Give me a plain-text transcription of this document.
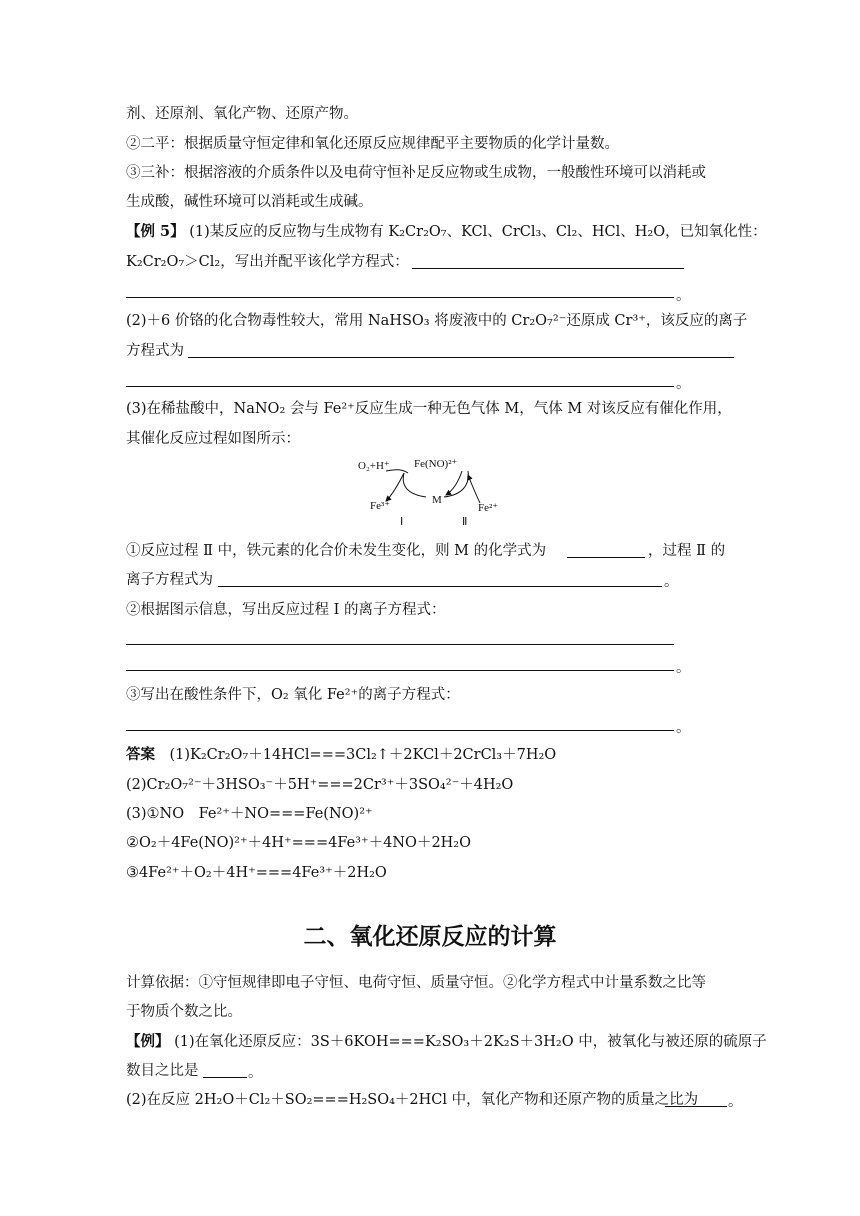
剂、还原剂、氧化产物、还原产物。
②二平：根据质量守恒定律和氧化还原反应规律配平主要物质的化学计量数。
③三补：根据溶液的介质条件以及电荷守恒补足反应物或生成物，一般酸性环境可以消耗或
生成酸，碱性环境可以消耗或生成碱。
【例 5】 (1)某反应的反应物与生成物有 K₂Cr₂O₇、KCl、CrCl₃、Cl₂、HCl、H₂O，已知氧化性：
K₂Cr₂O₇＞Cl₂，写出并配平该化学方程式：
。
(2)＋6 价铬的化合物毒性较大，常用 NaHSO₃ 将废液中的 Cr₂O₇²⁻还原成 Cr³⁺，该反应的离子
方程式为
。
(3)在稀盐酸中，NaNO₂ 会与 Fe²⁺反应生成一种无色气体 M，气体 M 对该反应有催化作用，
其催化反应过程如图所示：
O₂+H⁺ Fe(NO)²⁺
M
Fe³⁺	Fe²⁺
Ⅰ	Ⅱ
①反应过程 Ⅱ 中，铁元素的化合价未发生变化，则 M 的化学式为	，过程 Ⅱ 的
离子方程式为	。
②根据图示信息，写出反应过程 Ⅰ 的离子方程式：
。
③写出在酸性条件下，O₂ 氧化 Fe²⁺的离子方程式：
。
答案　 (1)K₂Cr₂O₇＋14HCl===3Cl₂↑＋2KCl＋2CrCl₃＋7H₂O
(2)Cr₂O₇²⁻＋3HSO₃⁻＋5H⁺===2Cr³⁺＋3SO₄²⁻＋4H₂O
(3)①NO　Fe²⁺＋NO===Fe(NO)²⁺
②O₂＋4Fe(NO)²⁺＋4H⁺===4Fe³⁺＋4NO＋2H₂O
③4Fe²⁺＋O₂＋4H⁺===4Fe³⁺＋2H₂O
二、氧化还原反应的计算
计算依据：①守恒规律即电子守恒、电荷守恒、质量守恒。②化学方程式中计量系数之比等
于物质个数之比。
【例】 (1)在氧化还原反应：3S＋6KOH===K₂SO₃＋2K₂S＋3H₂O 中，被氧化与被还原的硫原子
数目之比是	。
(2)在反应 2H₂O＋Cl₂＋SO₂===H₂SO₄＋2HCl 中，氧化产物和还原产物的质量之比为 。
